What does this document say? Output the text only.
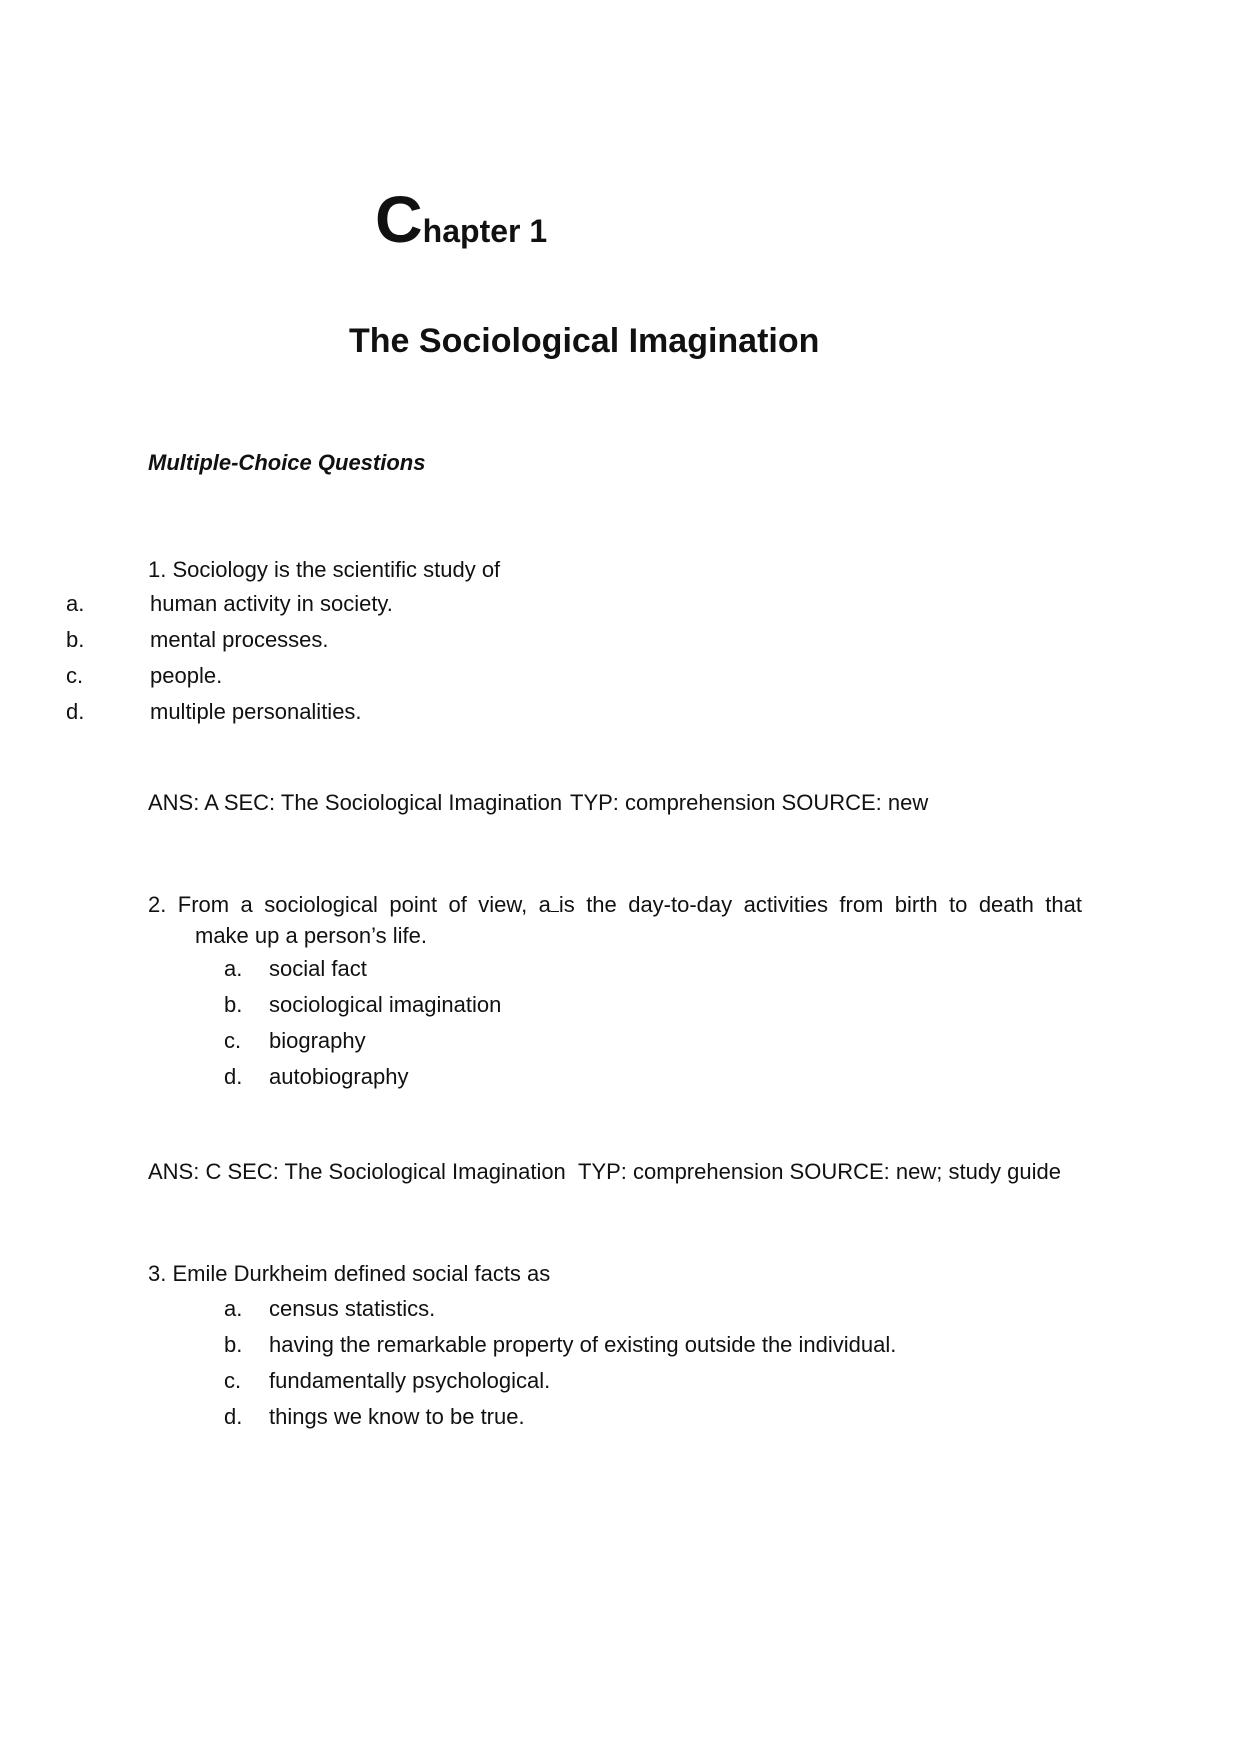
Chapter 1
The Sociological Imagination
Multiple-Choice Questions
1. Sociology is the scientific study of
a.	human activity in society.
b.	mental processes.
c.	people.
d.	multiple personalities.
ANS: A SEC: The Sociological Imagination TYP: comprehension SOURCE: new
2. From a sociological point of view, a is the day-to-day activities from birth to death that
make up a person’s life.
a. social fact
b. sociological imagination
c. biography
d. autobiography
ANS: C SEC: The Sociological Imagination TYP: comprehension SOURCE: new; study guide
3. Emile Durkheim defined social facts as
a. census statistics.
b. having the remarkable property of existing outside the individual.
c. fundamentally psychological.
d. things we know to be true.
